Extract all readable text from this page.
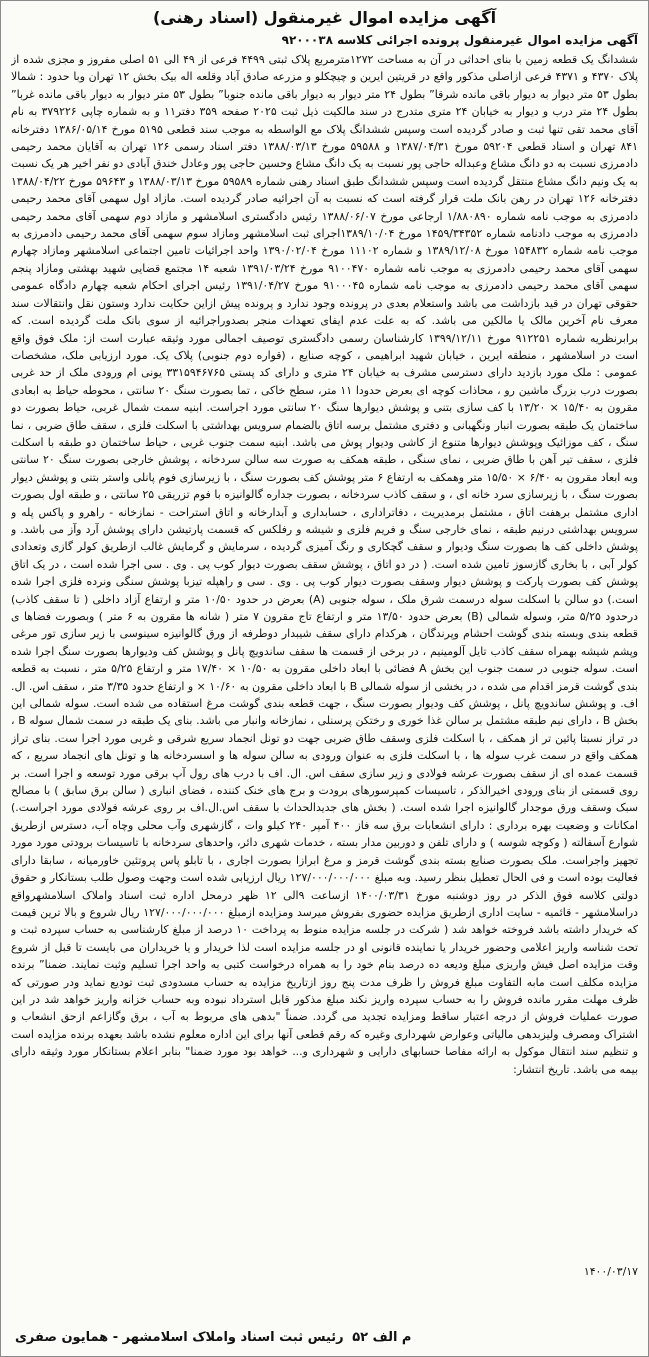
آگهی مزایده اموال غیرمنقول (اسناد رهنی)
آگهی مزایده اموال غیرمنقول پرونده اجرائی کلاسه ۹۲۰۰۰۳۸

ششدانگ یک قطعه زمین با بنای احداثی در آن به مساحت ۱۲۷۲مترمربع پلاک ثبتی ۴۴۹۹ فرعی از ۴۹ الی ۵۱ اصلی مفروز و مجزی شده از پلاک ۴۳۷۰ و ۴۳۷۱ فرعی ازاصلی مذکور واقع در قریتین ایرین و چیچکلو و مزرعه صادق آباد وقلعه اله بیک بخش ۱۲ تهران وبا حدود : شمالا بطول ۵۳ متر دیوار به دیوار باقی مانده شرقا” بطول ۲۴ متر دیوار به دیوار باقی مانده جنوبا” بطول ۵۳ متر دیوار به دیوار باقی مانده غربا” بطول ۲۴ متر درب و دیوار به خیابان ۲۴ متری متدرج در سند مالکیت ذیل ثبت ۲۰۲۵ صفحه ۳۵۹ دفتر۱۱ و به شماره چاپی ۳۷۹۲۲۶ به نام آقای محمد تقی تنها ثبت و صادر گردیده است وسپس ششدانگ پلاک مع الواسطه به موجب سند قطعی ۵۱۹۵ مورخ ۱۳۸۶/۰۵/۱۴ دفترخانه ۸۴۱ تهران و اسناد قطعی ۵۹۲۰۴ مورخ ۱۳۸۷/۰۴/۳۱ و ۵۹۵۸۸ مورخ ۱۳۸۸/۰۳/۱۳ دفتر اسناد رسمی ۱۲۶ تهران به آقایان محمد رحیمی دادمرزی نسبت به دو دانگ مشاع وعبداله حاجی پور نسبت به یک دانگ مشاع وحسین حاجی پور وعادل خندق آبادی دو نفر اخیر هر یک نسبت به یک ونیم دانگ مشاع منتقل گردیده است وسپس ششدانگ طبق اسناد رهنی شماره ۵۹۵۸۹ مورخ ۱۳۸۸/۰۳/۱۳ و ۵۹۶۴۳ مورخ ۱۳۸۸/۰۴/۲۲ دفترخانه ۱۲۶ تهران در رهن بانک ملت قرار گرفته است که نسبت به آن اجرائیه صادر گردیده است. مازاد اول سهمی آقای محمد رحیمی دادمرزی به موجب نامه شماره ۱/۸۸۰۸۹۰ ارجاعی مورخ ۱۳۸۸/۰۶/۰۷ رئیس دادگستری اسلامشهر و مازاد دوم سهمی آقای محمد رحیمی دادمرزی به موجب دادنامه شماره ۱۴۵۹/۳۴۳۵۲ مورخ ۱۳۸۹/۱۰/۰۴اجرای ثبت اسلامشهر ومازاد سوم سهمی آقای محمد رحیمی دادمرزی به موجب نامه شماره ۱۵۴۸۳۲ مورخ ۱۳۸۹/۱۲/۰۸ و شماره ۱۱۱۰۲ مورخ ۱۳۹۰/۰۲/۰۴ واحد اجرائیات تامین اجتماعی اسلامشهر ومازاد چهارم سهمی آقای محمد رحیمی دادمرزی به موجب نامه شماره ۹۱۰۰۴۷۰ مورخ ۱۳۹۱/۰۳/۲۴ شعبه ۱۴ مجتمع قضایی شهید بهشتی ومازاد پنجم سهمی آقای محمد رحیمی دادمرزی به موجب نامه شماره ۹۱۰۰۰۴۵ مورخ ۱۳۹۱/۰۴/۲۷ رئیس اجرای احکام شعبه چهارم دادگاه عمومی حقوقی تهران در قید بازداشت می باشد واستعلام بعدی در پرونده وجود ندارد و پرونده پیش ازاین حکایت ندارد وستون نقل وانتقالات سند معرف نام آخرین مالک یا مالکین می باشد. که به علت عدم ایفای تعهدات منجر بصدوراجرائیه از سوی بانک ملت گردیده است. که برابرنظریه شماره ۹۱۲۲۵۱ مورخ ۱۳۹۹/۱۲/۱۱ کارشناسان رسمی دادگستری توصیف اجمالی مورد وثیقه عبارت است از: ملک فوق واقع است در اسلامشهر ، منطقه ایرین ، خیابان شهید ابراهیمی ، کوچه صنایع ، (قواره دوم جنوبی) پلاک یک. مورد ارزیابی ملک، مشخصات عمومی : ملک مورد بازدید دارای دسترسی مشرف به خیابان ۲۴ متری و دارای کد پستی ۳۳۱۵۹۴۶۷۶۵ یونی ام ورودی ملک از حد غربی بصورت درب بزرگ ماشین رو ، محاذات کوچه ای بعرض حدودا ۱۱ متر، سطح خاکی ، تما بصورت سنگ ۲۰ سانتی ، محوطه حیاط به ابعادی مقرون به ۱۵/۴۰ × ۱۳/۲۰ با کف سازی بتنی و پوشش دیوارها سنگ ۲۰ سانتی مورد اجراست. ابنیه سمت شمال غربی، حیاط بصورت دو ساختمان یک طبقه بصورت انبار ونگهبانی و دفتری مشتمل برسه اتاق بالضمام سرویس بهداشتی با اسکلت فلزی ، سقف طاق ضربی ، نما سنگ ، کف موزائیک وپوشش دیوارها متنوع از کاشی ودیوار پوش می باشد. ابنیه سمت جنوب غربی ، حیاط ساختمان دو طبقه با اسکلت فلزی ، سقف تیر آهن با طاق ضربی ، نمای سنگی ، طبقه همکف به صورت سه سالن سردخانه ، پوشش خارجی بصورت سنگ ۲۰ سانتی وبه ابعاد مقرون به ۶/۴۰ × ۱۵/۵۰ متر وهمکف به ارتفاع ۶ متر پوشش کف بصورت سنگ ، با زیرسازی فوم پانلی واستر بتنی و پوشش دیوار بصورت سنگ ، با زیرسازی سرد خانه ای ، و سقف کاذب سردخانه ، بصورت جداره گالوانیزه با فوم تزریقی ۲۵ سانتی ، و طبقه اول بصورت اداری مشتمل برهفت اتاق ، مشتمل برمدیریت ، دفاترادارى ، حسابداری و آبدارخانه و اتاق استراحت - نمازخانه - راهرو و پاکس پله و سرویس بهداشتی درنیم طبقه ، نمای خارجی سنگ و فریم فلزی و شیشه و رفلکس که قسمت پارتیشن دارای پوشش آرد وآز می باشد. و پوشش داخلی کف ها بصورت سنگ ودیوار و سقف گچکاری و رنگ آمیزی گردیده ، سرمایش و گرمایش غالب ازطریق کولر گازی وتعدادی کولر آبی ، با بخاری گازسوز تامین شده است. ( در دو اتاق ، پوشش سقف بصورت دیوار کوب پی . وی . سی اجرا شده است ، در یک اتاق پوشش کف بصورت پارکت و پوشش دیوار وسقف بصورت دیوار کوب پی . وی . سی و راهپله تیزبا پوشش سنگی ونرده فلزی اجرا شده است.) دو سالن با اسکلت سوله درسمت شرق ملک ، سوله جنوبی (A) بعرض در حدود ۱۰/۵۰ متر و ارتفاع آزاد داخلی ( تا سقف کاذب) درحدود ۵/۲۵ متر، وسوله شمالی (B) بعرض حدود ۱۳/۵۰ متر و ارتفاع تاج مقرون ۷ متر ( شانه ها مقرون به ۶ متر ) وبصورت فضاها ی قطعه بندی وبسته بندی گوشت احشام وپرندگان ، هرکدام دارای سقف شیبدار دوطرفه از ورق گالوانیزه سینوسی با زیر سازی تور مرغی وپشم شیشه بهمراه سقف کاذب تایل آلومینیم ، در برخی از قسمت ها سقف ساندویچ پانل و پوشش کف ودیوارها بصورت سنگ اجرا شده است. سوله جنوبی در سمت جنوب این بخش A فضائی با ابعاد داخلی مقرون به ۱۰/۵۰ × ۱۷/۴۰ متر و ارتفاع ۵/۲۵ متر ، نسبت به قطعه بندی گوشت قرمز اقدام می شده ، در بخشی از سوله شمالی B با ابعاد داخلی مقرون به ۱۰/۶۰ × و ارتفاع حدود ۳/۳۵ متر ، سقف اس. ال. اف. و پوشش ساندویچ پانل ، پوشش کف ودیوار بصورت سنگ ، جهت قطعه بندی گوشت مرغ استفاده می شده است. سوله شمالی این بخش B ، دارای نیم طبقه مشتمل بر سالن غذا خوری و رختکن پرسنلی ، نمازخانه وانبار می باشد. بنای یک طبقه در سمت شمال سوله B ، در تراز نسبتا پائین تر از همکف ، با اسکلت فلزی وسقف طاق ضربی جهت دو تونل انجماد سریع شرقی و غربی مورد اجرا ست. بنای تراز همکف واقع در سمت غرب سوله ها ، با اسکلت فلزی به عنوان ورودی به سالن سوله ها و اسسردخانه ها و تونل های انجماد سریع ، که قسمت عمده ای از سقف بصورت عرشه فولادی و زیر سازی سقف اس. ال. اف با درب های رول آپ برقی مورد توسعه و اجرا است. بر روی قسمتی از بنای ورودی اخیرالذکر ، تاسیسات کمپرسورهای برودت و برج های خنک کننده ، فضای انباری ( سالن برق سابق ) با مصالح سبک وسقف ورق موجدار گالوانیزه اجرا شده است. ( بخش های جدیدالحداث با سقف اس.ال.اف بر روی عرشه فولادی مورد اجراست.) امکانات و وضعیت بهره برداری : دارای انشعابات برق سه فاز ۴۰۰ آمپر ۲۴۰ کیلو وات ، گازشهری وآب محلی وچاه آب، دسترس ازطریق شوارع آسفالته ( وکوچه شوسه ) و دارای تلفن و دوربین مدار بسته ، خدمات شهری دائر، واحدهای سردخانه با تاسیسات برودتی مورد مورد تجهیز واجراست. ملک بصورت صنایع بسته بندی گوشت قرمز و مرغ ابرازا بصورت اجاری ، با تابلو پاس پروتئین خاورمیانه ، سابقا دارای فعالیت بوده است و فی الحال تعطیل بنظر رسید. وبه مبلغ ۱۲۷/۰۰۰/۰۰۰/۰۰۰ ریال ارزیابی شده است وجهت وصول طلب بستانکار و حقوق دولتی کلاسه فوق الذکر در روز دوشنبه مورخ ۱۴۰۰/۰۳/۳۱ ازساعت ۹الی ۱۲ ظهر درمحل اداره ثبت اسناد واملاک اسلامشهرواقع دراسلامشهر - قائمیه - سایت اداری ازطریق مزایده حضوری بفروش میرسد ومزایده ازمبلغ ۱۲۷/۰۰۰/۰۰۰/۰۰۰ ریال شروع و بالا ترین قیمت که خریدار داشته باشد فروخته خواهد شد ( شرکت در جلسه مزایده منوط به پرداخت ۱۰ درصد از مبلغ کارشناسی به حساب سپرده ثبت و تحت شناسه واریز اعلامی وحضور خریدار یا نماینده قانونی او در جلسه مزایده است لذا خریدار و یا خریداران می بایست تا قبل از شروع وقت مزایده اصل فیش واریزی مبلغ ودیعه ده درصد بنام خود را به همراه درخواست کتبی به واحد اجرا تسلیم وثبت نمایند. ضمنا” برنده مزایده مکلف است مابه التفاوت مبلغ فروش را ظرف مدت پنج روز ازتاریخ مزایده به حساب مسدودی ثبت تودیع نماید ودر صورتی که ظرف مهلت مقرر مانده فروش را به حساب سپرده واریز نکند مبلغ مذکور قابل استرداد نبوده وبه حساب خزانه واریز خواهد شد در این صورت عملیات فروش از درجه اعتبار ساقط ومزایده تجدید می گردد. ضمناً "بدهی های مربوط به آب ، برق وگازاعم ازحق انشعاب و اشتراک ومصرف ولیزبدهی مالیاتی وعوارض شهرداری وغیره که رقم قطعی آنها برای این اداره معلوم نشده باشد بعهده برنده مزایده است و تنظیم سند انتقال موکول به ارائه مفاصا حسابهای دارایی و شهرداری و... خواهد بود مورد ضمنا" بنابر اعلام بستانکار مورد وثیقه دارای بیمه می باشد. تاریخ انتشار:

۱۴۰۰/۰۳/۱۷
م الف ۵۲ رئیس ثبت اسناد واملاک اسلامشهر - همایون صفری
